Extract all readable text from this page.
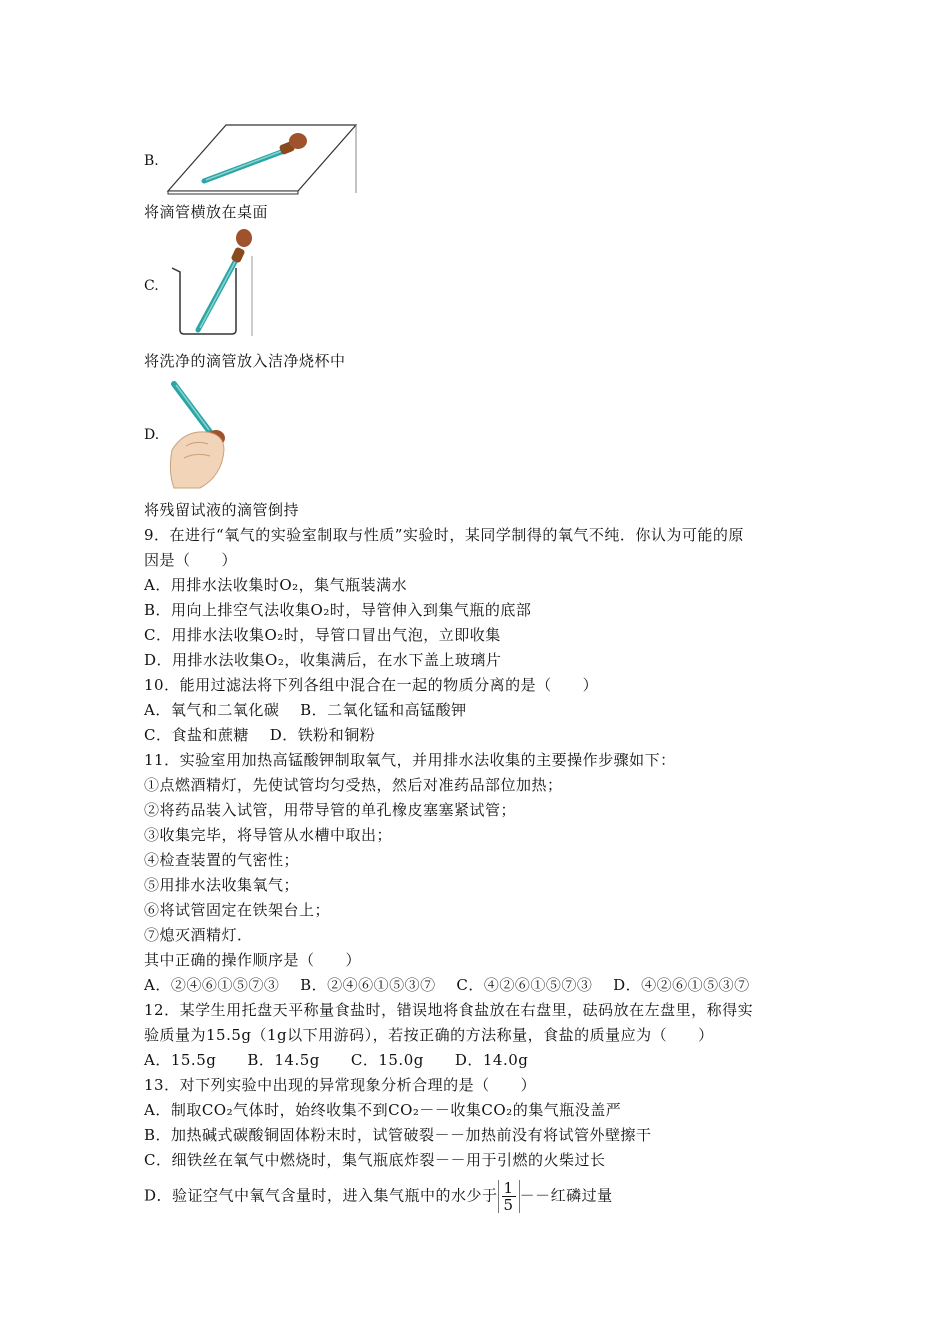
B.
将滴管横放在桌面
C.
将洗净的滴管放入洁净烧杯中
D.
将残留试液的滴管倒持
9．在进行“氧气的实验室制取与性质”实验时，某同学制得的氧气不纯．你认为可能的原
因是（　　）
A．用排水法收集时O₂，集气瓶装满水
B．用向上排空气法收集O₂时，导管伸入到集气瓶的底部
C．用排水法收集O₂时，导管口冒出气泡，立即收集
D．用排水法收集O₂，收集满后，在水下盖上玻璃片
10．能用过滤法将下列各组中混合在一起的物质分离的是（　　）
A．氧气和二氧化碳　 B．二氧化锰和高锰酸钾
C．食盐和蔗糖　 D．铁粉和铜粉
11．实验室用加热高锰酸钾制取氧气，并用排水法收集的主要操作步骤如下：
①点燃酒精灯，先使试管均匀受热，然后对准药品部位加热；
②将药品装入试管，用带导管的单孔橡皮塞塞紧试管；
③收集完毕，将导管从水槽中取出；
④检查装置的气密性；
⑤用排水法收集氧气；
⑥将试管固定在铁架台上；
⑦熄灭酒精灯．
其中正确的操作顺序是（　　）
A．②④⑥①⑤⑦③　 B．②④⑥①⑤③⑦　 C．④②⑥①⑤⑦③　 D．④②⑥①⑤③⑦
12．某学生用托盘天平称量食盐时，错误地将食盐放在右盘里，砝码放在左盘里，称得实
验质量为15.5g（1g以下用游码），若按正确的方法称量，食盐的质量应为（　　）
A．15.5g　　B．14.5g　　C．15.0g　　D．14.0g
13．对下列实验中出现的异常现象分析合理的是（　　）
A．制取CO₂气体时，始终收集不到CO₂－－收集CO₂的集气瓶没盖严
B．加热碱式碳酸铜固体粉末时，试管破裂－－加热前没有将试管外壁擦干
C．细铁丝在氧气中燃烧时，集气瓶底炸裂－－用于引燃的火柴过长
D．验证空气中氧气含量时，进入集气瓶中的水少于 $\frac{1}{5}$ －－红磷过量
